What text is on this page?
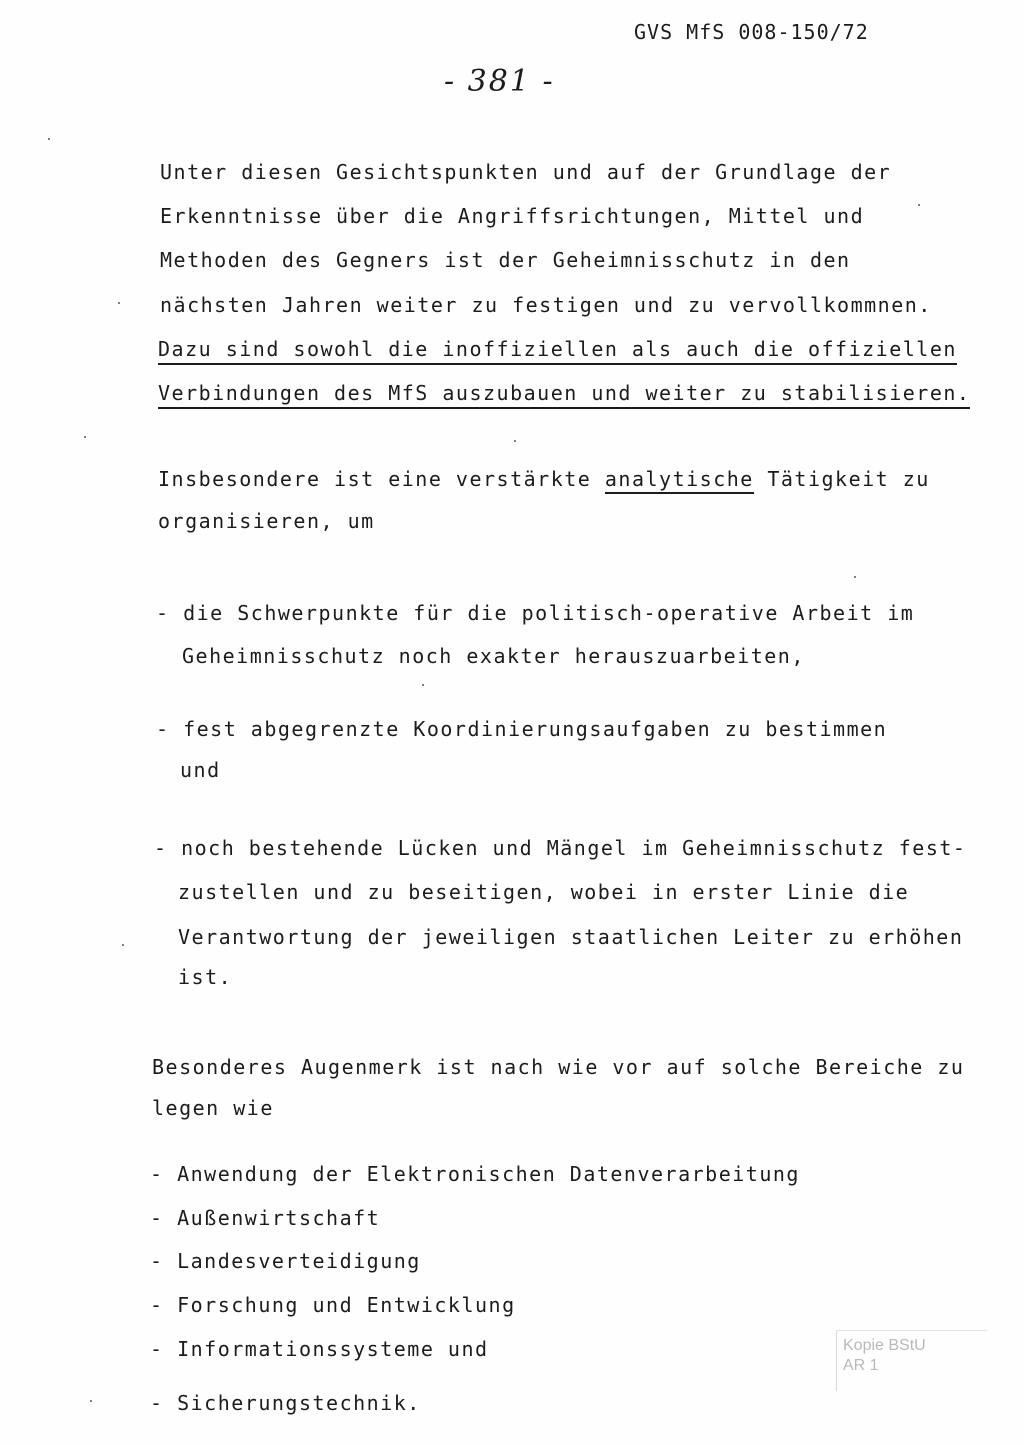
GVS MfS 008-150/72
- 381 -
Unter diesen Gesichtspunkten und auf der Grundlage der
Erkenntnisse über die Angriffsrichtungen, Mittel und
Methoden des Gegners ist der Geheimnisschutz in den
nächsten Jahren weiter zu festigen und zu vervollkommnen.
Dazu sind sowohl die inoffiziellen als auch die offiziellen
Verbindungen des MfS auszubauen und weiter zu stabilisieren.
Insbesondere ist eine verstärkte analytische Tätigkeit zu
organisieren, um
- die Schwerpunkte für die politisch-operative Arbeit im
Geheimnisschutz noch exakter herauszuarbeiten,
- fest abgegrenzte Koordinierungsaufgaben zu bestimmen
und
- noch bestehende Lücken und Mängel im Geheimnisschutz fest-
zustellen und zu beseitigen, wobei in erster Linie die
Verantwortung der jeweiligen staatlichen Leiter zu erhöhen
ist.
Besonderes Augenmerk ist nach wie vor auf solche Bereiche zu
legen wie
- Anwendung der Elektronischen Datenverarbeitung
- Außenwirtschaft
- Landesverteidigung
- Forschung und Entwicklung
- Informationssysteme und
- Sicherungstechnik.
Kopie BStU
AR 1
